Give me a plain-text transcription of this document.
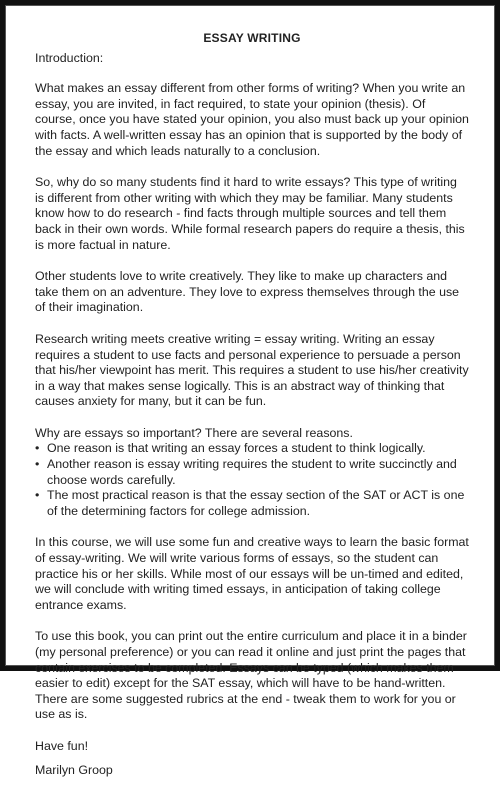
ESSAY WRITING

Introduction:

What makes an essay different from other forms of writing? When you write an essay, you are invited, in fact required, to state your opinion (thesis). Of course, once you have stated your opinion, you also must back up your opinion with facts. A well-written essay has an opinion that is supported by the body of the essay and which leads naturally to a conclusion.

So, why do so many students find it hard to write essays? This type of writing is different from other writing with which they may be familiar. Many students know how to do research - find facts through multiple sources and tell them back in their own words. While formal research papers do require a thesis, this is more factual in nature.

Other students love to write creatively. They like to make up characters and take them on an adventure. They love to express themselves through the use of their imagination.

Research writing meets creative writing = essay writing. Writing an essay requires a student to use facts and personal experience to persuade a person that his/her viewpoint has merit. This requires a student to use his/her creativity in a way that makes sense logically. This is an abstract way of thinking that causes anxiety for many, but it can be fun.

Why are essays so important? There are several reasons.

• One reason is that writing an essay forces a student to think logically.
• Another reason is essay writing requires the student to write succinctly and choose words carefully.
• The most practical reason is that the essay section of the SAT or ACT is one of the determining factors for college admission.

In this course, we will use some fun and creative ways to learn the basic format of essay-writing. We will write various forms of essays, so the student can practice his or her skills. While most of our essays will be un-timed and edited, we will conclude with writing timed essays, in anticipation of taking college entrance exams.

To use this book, you can print out the entire curriculum and place it in a binder (my personal preference) or you can read it online and just print the pages that contain exercises to be completed. Essays can be typed (which makes them easier to edit) except for the SAT essay, which will have to be hand-written. There are some suggested rubrics at the end - tweak them to work for you or use as is.

Have fun!

Marilyn Groop
